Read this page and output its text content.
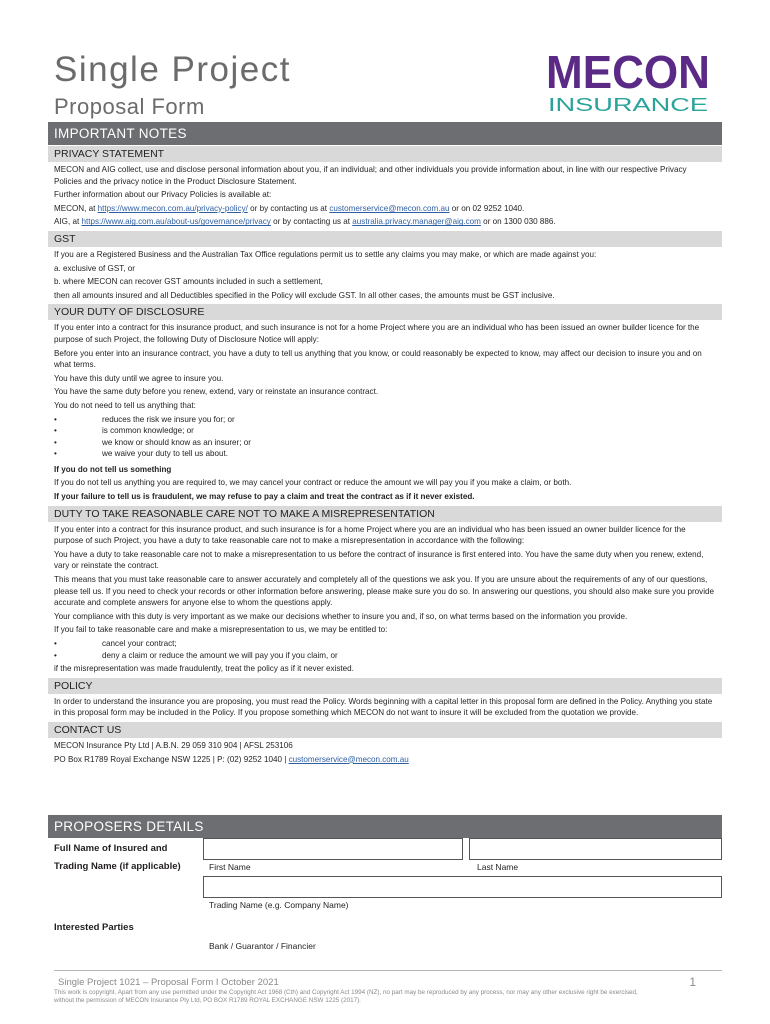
Single Project
Proposal Form
MECON
INSURANCE
IMPORTANT NOTES
PRIVACY STATEMENT
MECON and AIG collect, use and disclose personal information about you, if an individual; and other individuals you provide information about, in line with our respective Privacy Policies and the privacy notice in the Product Disclosure Statement.
Further information about our Privacy Policies is available at:
MECON, at https://www.mecon.com.au/privacy-policy/ or by contacting us at customerservice@mecon.com.au or on 02 9252 1040.
AIG, at https://www.aig.com.au/about-us/governance/privacy or by contacting us at australia.privacy.manager@aig.com or on 1300 030 886.
GST
If you are a Registered Business and the Australian Tax Office regulations permit us to settle any claims you may make, or which are made against you:
a. exclusive of GST, or
b. where MECON can recover GST amounts included in such a settlement,
then all amounts insured and all Deductibles specified in the Policy will exclude GST. In all other cases, the amounts must be GST inclusive.
YOUR DUTY OF DISCLOSURE
If you enter into a contract for this insurance product, and such insurance is not for a home Project where you are an individual who has been issued an owner builder licence for the purpose of such Project, the following Duty of Disclosure Notice will apply:
Before you enter into an insurance contract, you have a duty to tell us anything that you know, or could reasonably be expected to know, may affect our decision to insure you and on what terms.
You have this duty until we agree to insure you.
You have the same duty before you renew, extend, vary or reinstate an insurance contract.
You do not need to tell us anything that:
•	reduces the risk we insure you for; or
•	is common knowledge; or
•	we know or should know as an insurer; or
•	we waive your duty to tell us about.
If you do not tell us something
If you do not tell us anything you are required to, we may cancel your contract or reduce the amount we will pay you if you make a claim, or both.
If your failure to tell us is fraudulent, we may refuse to pay a claim and treat the contract as if it never existed.
DUTY TO TAKE REASONABLE CARE NOT TO MAKE A MISREPRESENTATION
If you enter into a contract for this insurance product, and such insurance is for a home Project where you are an individual who has been issued an owner builder licence for the purpose of such Project, you have a duty to take reasonable care not to make a misrepresentation in accordance with the following:
You have a duty to take reasonable care not to make a misrepresentation to us before the contract of insurance is first entered into. You have the same duty when you renew, extend, vary or reinstate the contract.
This means that you must take reasonable care to answer accurately and completely all of the questions we ask you. If you are unsure about the requirements of any of our questions, please tell us. If you need to check your records or other information before answering, please make sure you do so. In answering our questions, you should also make sure you provide accurate and complete answers for anyone else to whom the questions apply.
Your compliance with this duty is very important as we make our decisions whether to insure you and, if so, on what terms based on the information you provide.
If you fail to take reasonable care and make a misrepresentation to us, we may be entitled to:
•	cancel your contract;
•	deny a claim or reduce the amount we will pay you if you claim, or
if the misrepresentation was made fraudulently, treat the policy as if it never existed.
POLICY
In order to understand the insurance you are proposing, you must read the Policy. Words beginning with a capital letter in this proposal form are defined in the Policy. Anything you state in this proposal form may be included in the Policy. If you propose something which MECON do not want to insure it will be excluded from the quotation we provide.
CONTACT US
MECON Insurance Pty Ltd | A.B.N. 29 059 310 904 | AFSL 253106
PO Box R1789 Royal Exchange NSW 1225 | P: (02) 9252 1040 | customerservice@mecon.com.au
PROPOSERS DETAILS
Full Name of Insured and
Trading Name (if applicable)	First Name	Last Name
Trading Name (e.g. Company Name)
Interested Parties
Bank / Guarantor / Financier
Single Project 1021 – Proposal Form I October 2021	1
This work is copyright. Apart from any use permitted under the Copyright Act 1968 (Cth) and Copyright Act 1994 (NZ), no part may be reproduced by any process, nor may any other exclusive right be exercised, without the permission of MECON Insurance Pty Ltd, PO BOX R1789 ROYAL EXCHANGE NSW 1225 (2017).
